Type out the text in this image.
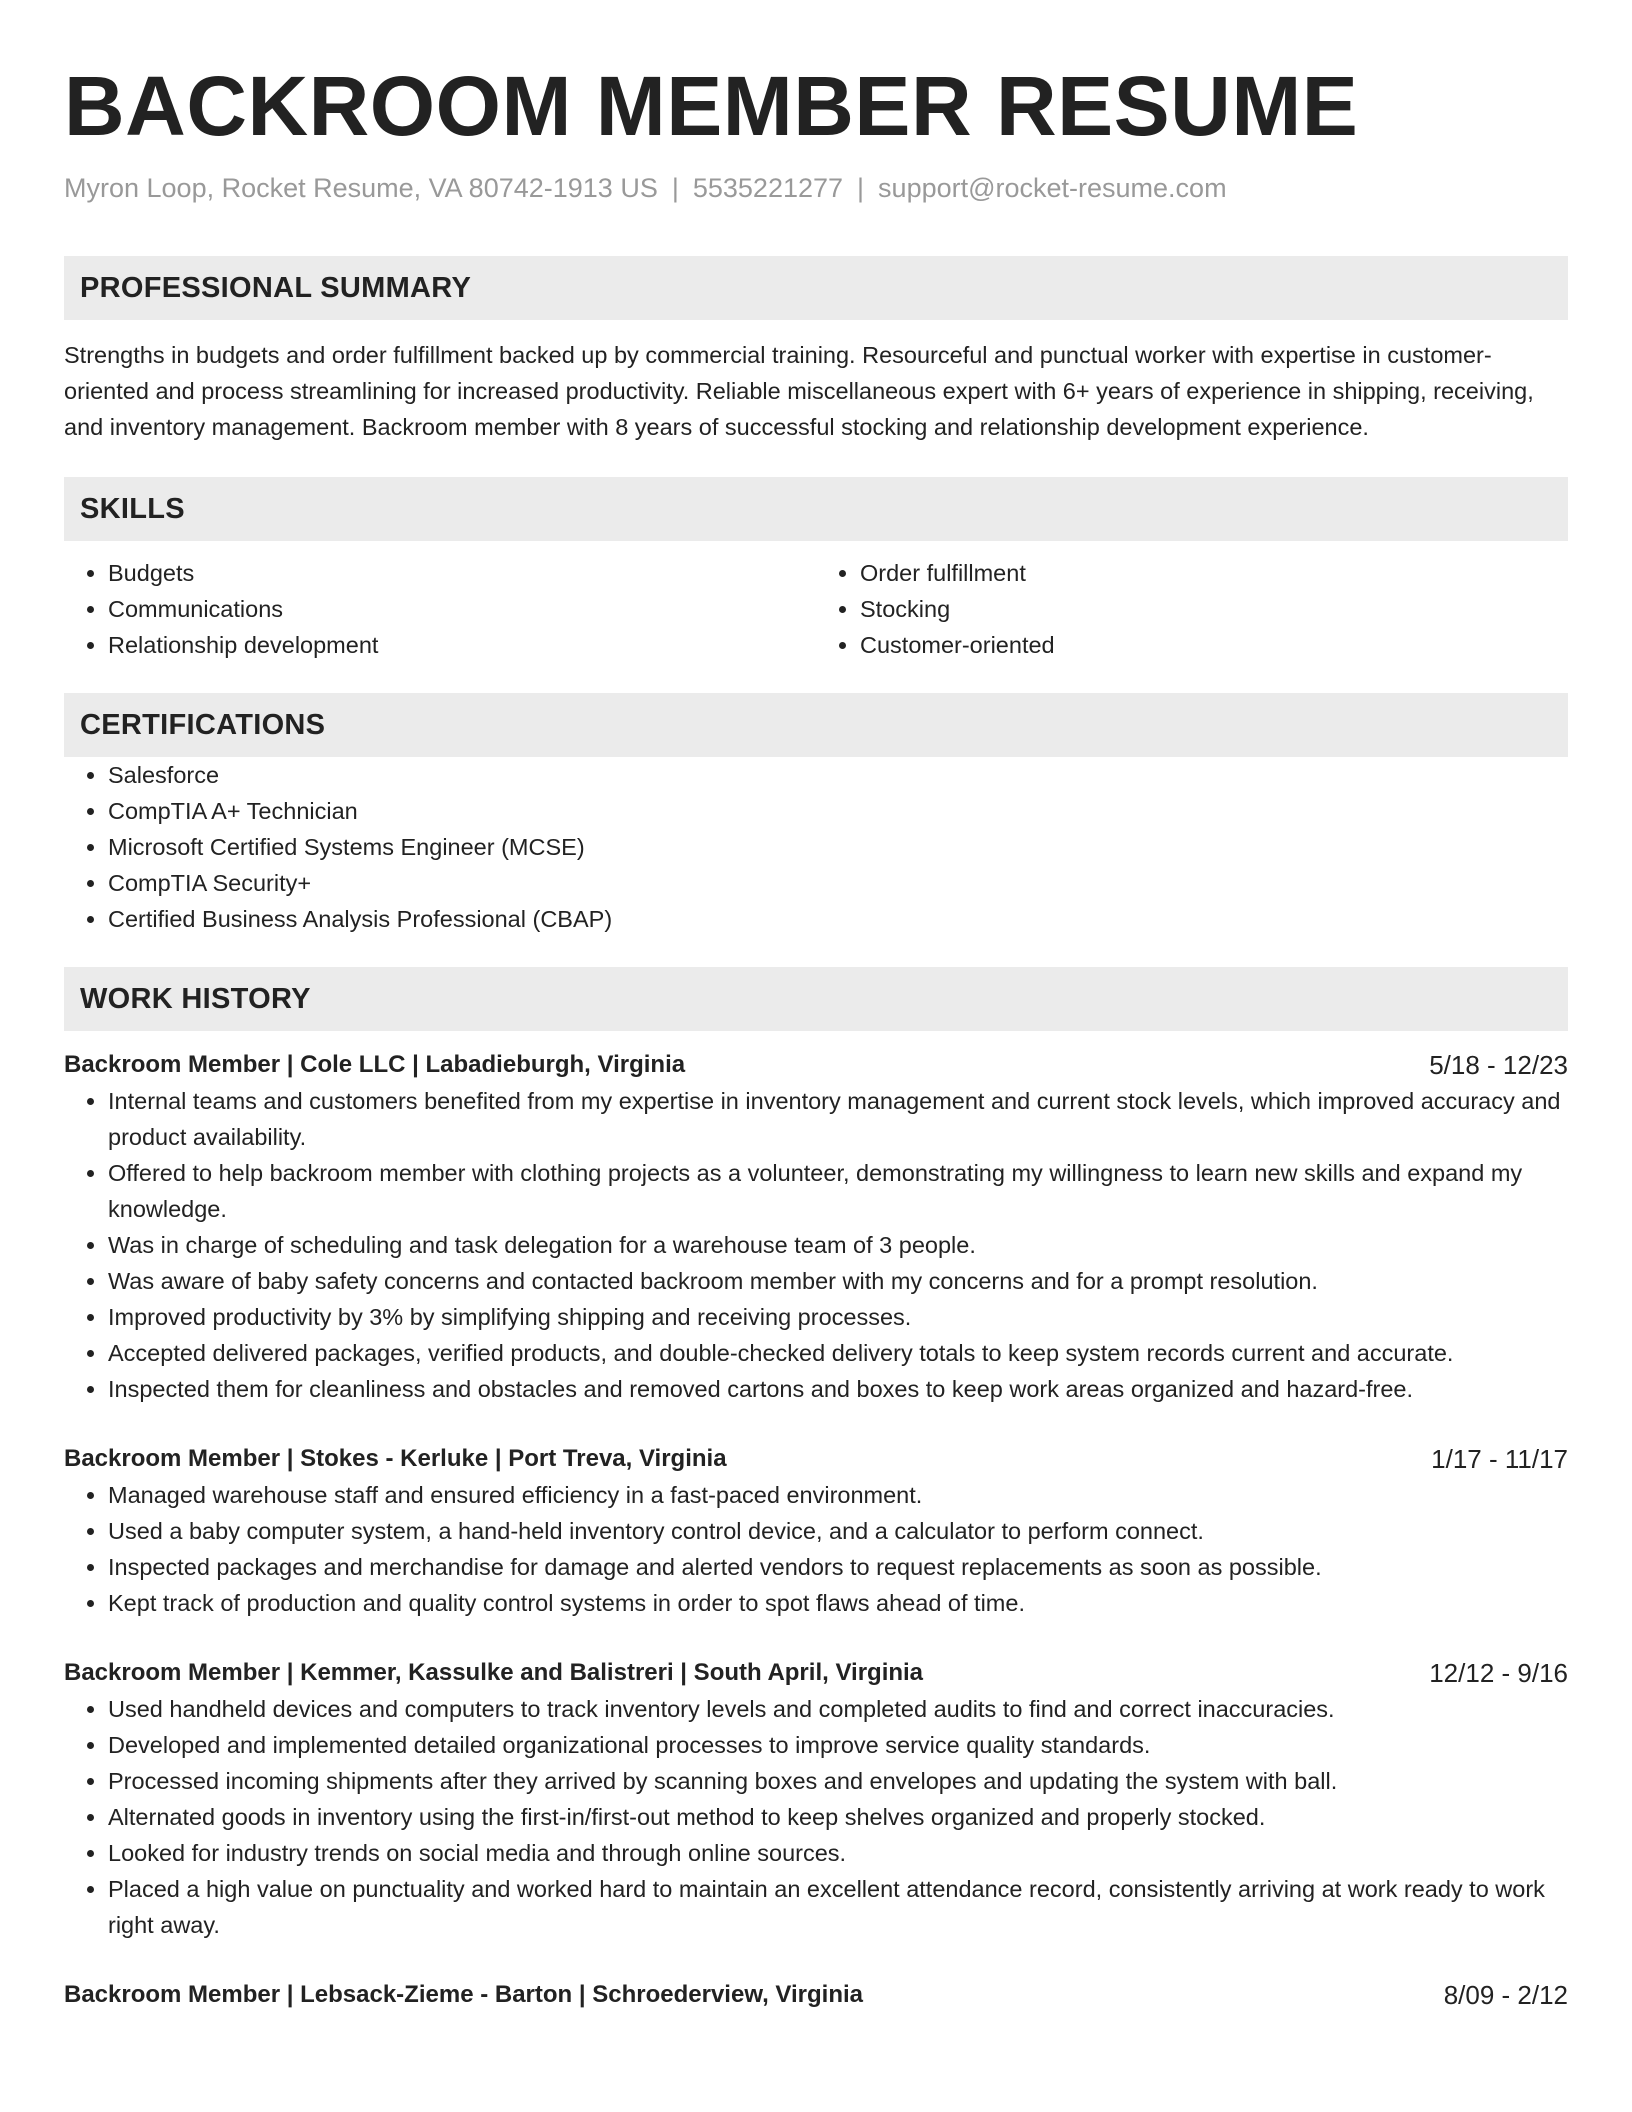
BACKROOM MEMBER RESUME
Myron Loop, Rocket Resume, VA 80742-1913 US | 5535221277 | support@rocket-resume.com
PROFESSIONAL SUMMARY

Strengths in budgets and order fulfillment backed up by commercial training. Resourceful and punctual worker with expertise in customer-oriented and process streamlining for increased productivity. Reliable miscellaneous expert with 6+ years of experience in shipping, receiving, and inventory management. Backroom member with 8 years of successful stocking and relationship development experience.

SKILLS
• Budgets
• Communications
• Relationship development
• Order fulfillment
• Stocking
• Customer-oriented
CERTIFICATIONS
• Salesforce
• CompTIA A+ Technician
• Microsoft Certified Systems Engineer (MCSE)
• CompTIA Security+
• Certified Business Analysis Professional (CBAP)
WORK HISTORY
Backroom Member | Cole LLC | Labadieburgh, Virginia	5/18 - 12/23
• Internal teams and customers benefited from my expertise in inventory management and current stock levels, which improved accuracy and product availability.
• Offered to help backroom member with clothing projects as a volunteer, demonstrating my willingness to learn new skills and expand my knowledge.
• Was in charge of scheduling and task delegation for a warehouse team of 3 people.
• Was aware of baby safety concerns and contacted backroom member with my concerns and for a prompt resolution.
• Improved productivity by 3% by simplifying shipping and receiving processes.
• Accepted delivered packages, verified products, and double-checked delivery totals to keep system records current and accurate.
• Inspected them for cleanliness and obstacles and removed cartons and boxes to keep work areas organized and hazard-free.
Backroom Member | Stokes - Kerluke | Port Treva, Virginia	1/17 - 11/17
• Managed warehouse staff and ensured efficiency in a fast-paced environment.
• Used a baby computer system, a hand-held inventory control device, and a calculator to perform connect.
• Inspected packages and merchandise for damage and alerted vendors to request replacements as soon as possible.
• Kept track of production and quality control systems in order to spot flaws ahead of time.
Backroom Member | Kemmer, Kassulke and Balistreri | South April, Virginia	12/12 - 9/16
• Used handheld devices and computers to track inventory levels and completed audits to find and correct inaccuracies.
• Developed and implemented detailed organizational processes to improve service quality standards.
• Processed incoming shipments after they arrived by scanning boxes and envelopes and updating the system with ball.
• Alternated goods in inventory using the first-in/first-out method to keep shelves organized and properly stocked.
• Looked for industry trends on social media and through online sources.
• Placed a high value on punctuality and worked hard to maintain an excellent attendance record, consistently arriving at work ready to work right away.
Backroom Member | Lebsack-Zieme - Barton | Schroederview, Virginia	8/09 - 2/12
